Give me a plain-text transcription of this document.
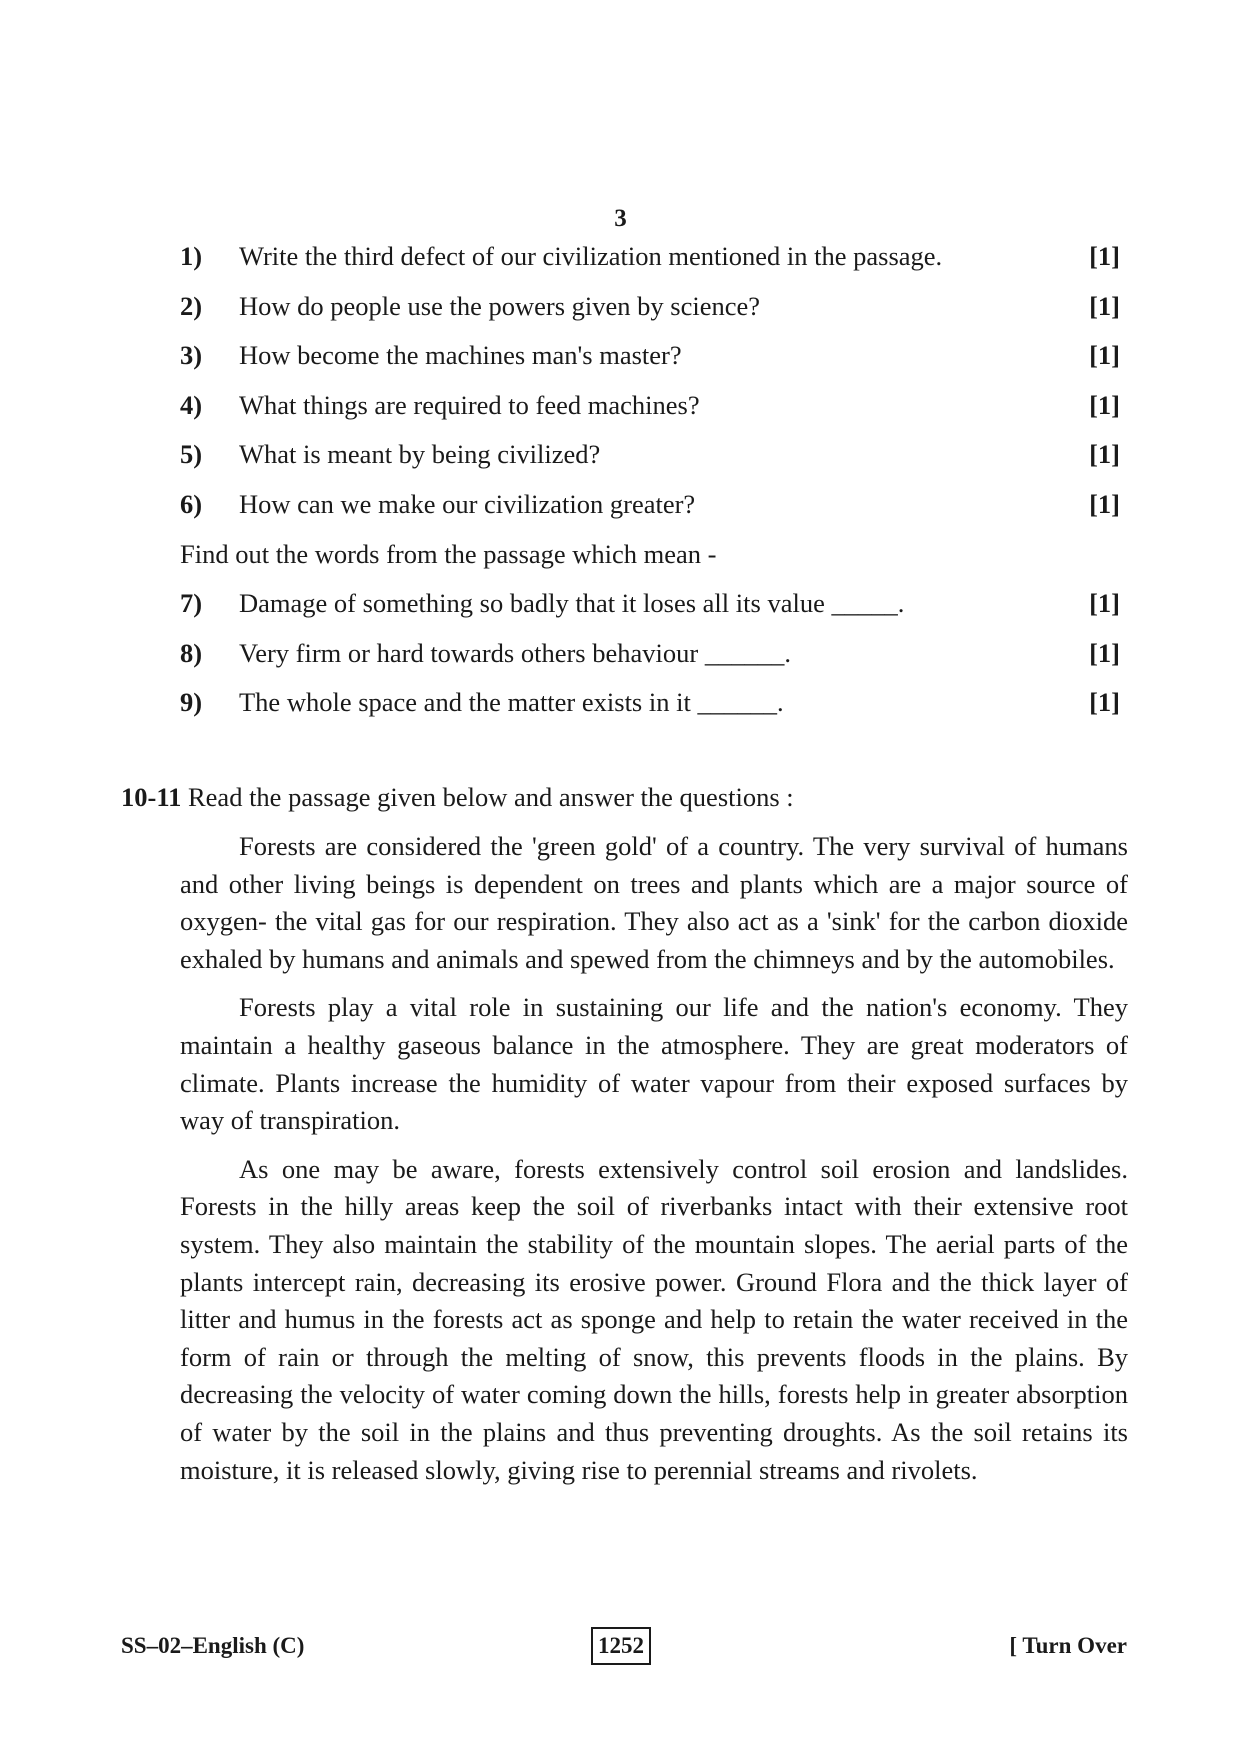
3
1)	Write the third defect of our civilization mentioned in the passage.	[1]
2)	How do people use the powers given by science?	[1]
3)	How become the machines man's master?	[1]
4)	What things are required to feed machines?	[1]
5)	What is meant by being civilized?	[1]
6)	How can we make our civilization greater?	[1]
Find out the words from the passage which mean -
7)	Damage of something so badly that it loses all its value _____.	[1]
8)	Very firm or hard towards others behaviour ______.	[1]
9)	The whole space and the matter exists in it ______.	[1]
10-11 Read the passage given below and answer the questions :

Forests are considered the 'green gold' of a country. The very survival of humans and other living beings is dependent on trees and plants which are a major source of oxygen- the vital gas for our respiration. They also act as a 'sink' for the carbon dioxide exhaled by humans and animals and spewed from the chimneys and by the automobiles.

Forests play a vital role in sustaining our life and the nation's economy. They maintain a healthy gaseous balance in the atmosphere. They are great moderators of climate. Plants increase the humidity of water vapour from their exposed surfaces by way of transpiration.

As one may be aware, forests extensively control soil erosion and landslides. Forests in the hilly areas keep the soil of riverbanks intact with their extensive root system. They also maintain the stability of the mountain slopes. The aerial parts of the plants intercept rain, decreasing its erosive power. Ground Flora and the thick layer of litter and humus in the forests act as sponge and help to retain the water received in the form of rain or through the melting of snow, this prevents floods in the plains. By decreasing the velocity of water coming down the hills, forests help in greater absorption of water by the soil in the plains and thus preventing droughts. As the soil retains its moisture, it is released slowly, giving rise to perennial streams and rivolets.

SS–02–English (C)	1252	[ Turn Over
